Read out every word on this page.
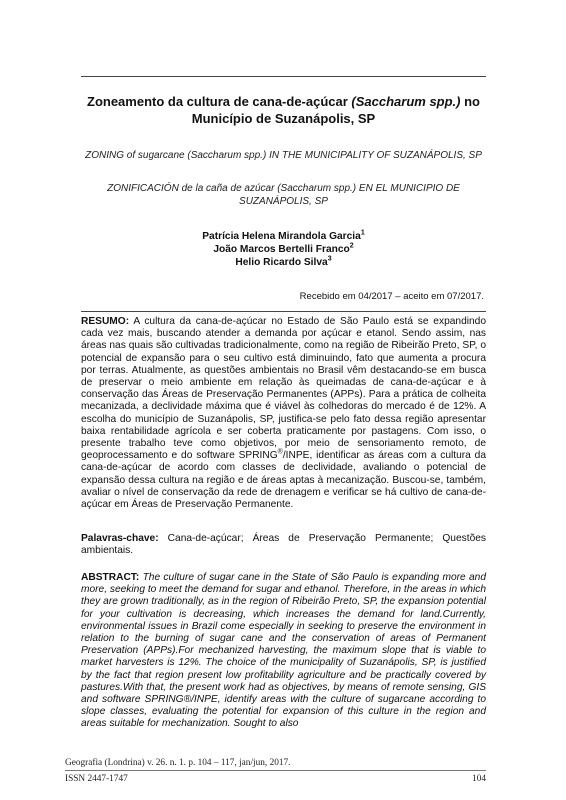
Zoneamento da cultura de cana-de-açúcar (Saccharum spp.) no Município de Suzanápolis, SP
ZONING of sugarcane (Saccharum spp.) IN THE MUNICIPALITY OF SUZANÁPOLIS, SP
ZONIFICACIÓN de la caña de azúcar (Saccharum spp.) EN EL MUNICIPIO DE SUZANÁPOLIS, SP
Patrícia Helena Mirandola Garcia$^1$
João Marcos Bertelli Franco$^2$
Helio Ricardo Silva$^3$
Recebido em 04/2017 – aceito em 07/2017.
RESUMO: A cultura da cana-de-açúcar no Estado de São Paulo está se expandindo cada vez mais, buscando atender a demanda por açúcar e etanol. Sendo assim, nas áreas nas quais são cultivadas tradicionalmente, como na região de Ribeirão Preto, SP, o potencial de expansão para o seu cultivo está diminuindo, fato que aumenta a procura por terras. Atualmente, as questões ambientais no Brasil vêm destacando-se em busca de preservar o meio ambiente em relação às queimadas de cana-de-açúcar e à conservação das Áreas de Preservação Permanentes (APPs). Para a prática de colheita mecanizada, a declividade máxima que é viável às colhedoras do mercado é de 12%. A escolha do município de Suzanápolis, SP, justifica-se pelo fato dessa região apresentar baixa rentabilidade agrícola e ser coberta praticamente por pastagens. Com isso, o presente trabalho teve como objetivos, por meio de sensoriamento remoto, de geoprocessamento e do software SPRING®/INPE, identificar as áreas com a cultura da cana-de-açúcar de acordo com classes de declividade, avaliando o potencial de expansão dessa cultura na região e de áreas aptas à mecanização. Buscou-se, também, avaliar o nível de conservação da rede de drenagem e verificar se há cultivo de cana-de-açúcar em Áreas de Preservação Permanente.
Palavras-chave: Cana-de-açúcar; Áreas de Preservação Permanente; Questões ambientais.
ABSTRACT: The culture of sugar cane in the State of São Paulo is expanding more and more, seeking to meet the demand for sugar and ethanol. Therefore, in the areas in which they are grown traditionally, as in the region of Ribeirão Preto, SP, the expansion potential for your cultivation is decreasing, which increases the demand for land.Currently, environmental issues in Brazil come especially in seeking to preserve the environment in relation to the burning of sugar cane and the conservation of areas of Permanent Preservation (APPs).For mechanized harvesting, the maximum slope that is viable to market harvesters is 12%. The choice of the municipality of Suzanápolis, SP, is justified by the fact that region present low profitability agriculture and be practically covered by pastures.With that, the present work had as objectives, by means of remote sensing, GIS and software SPRING®/INPE, identify areas with the culture of sugarcane according to slope classes, evaluating the potential for expansion of this culture in the region and areas suitable for mechanization. Sought to also
Geografia (Londrina) v. 26. n. 1. p. 104 – 117, jan/jun, 2017.
ISSN 2447-1747	104
